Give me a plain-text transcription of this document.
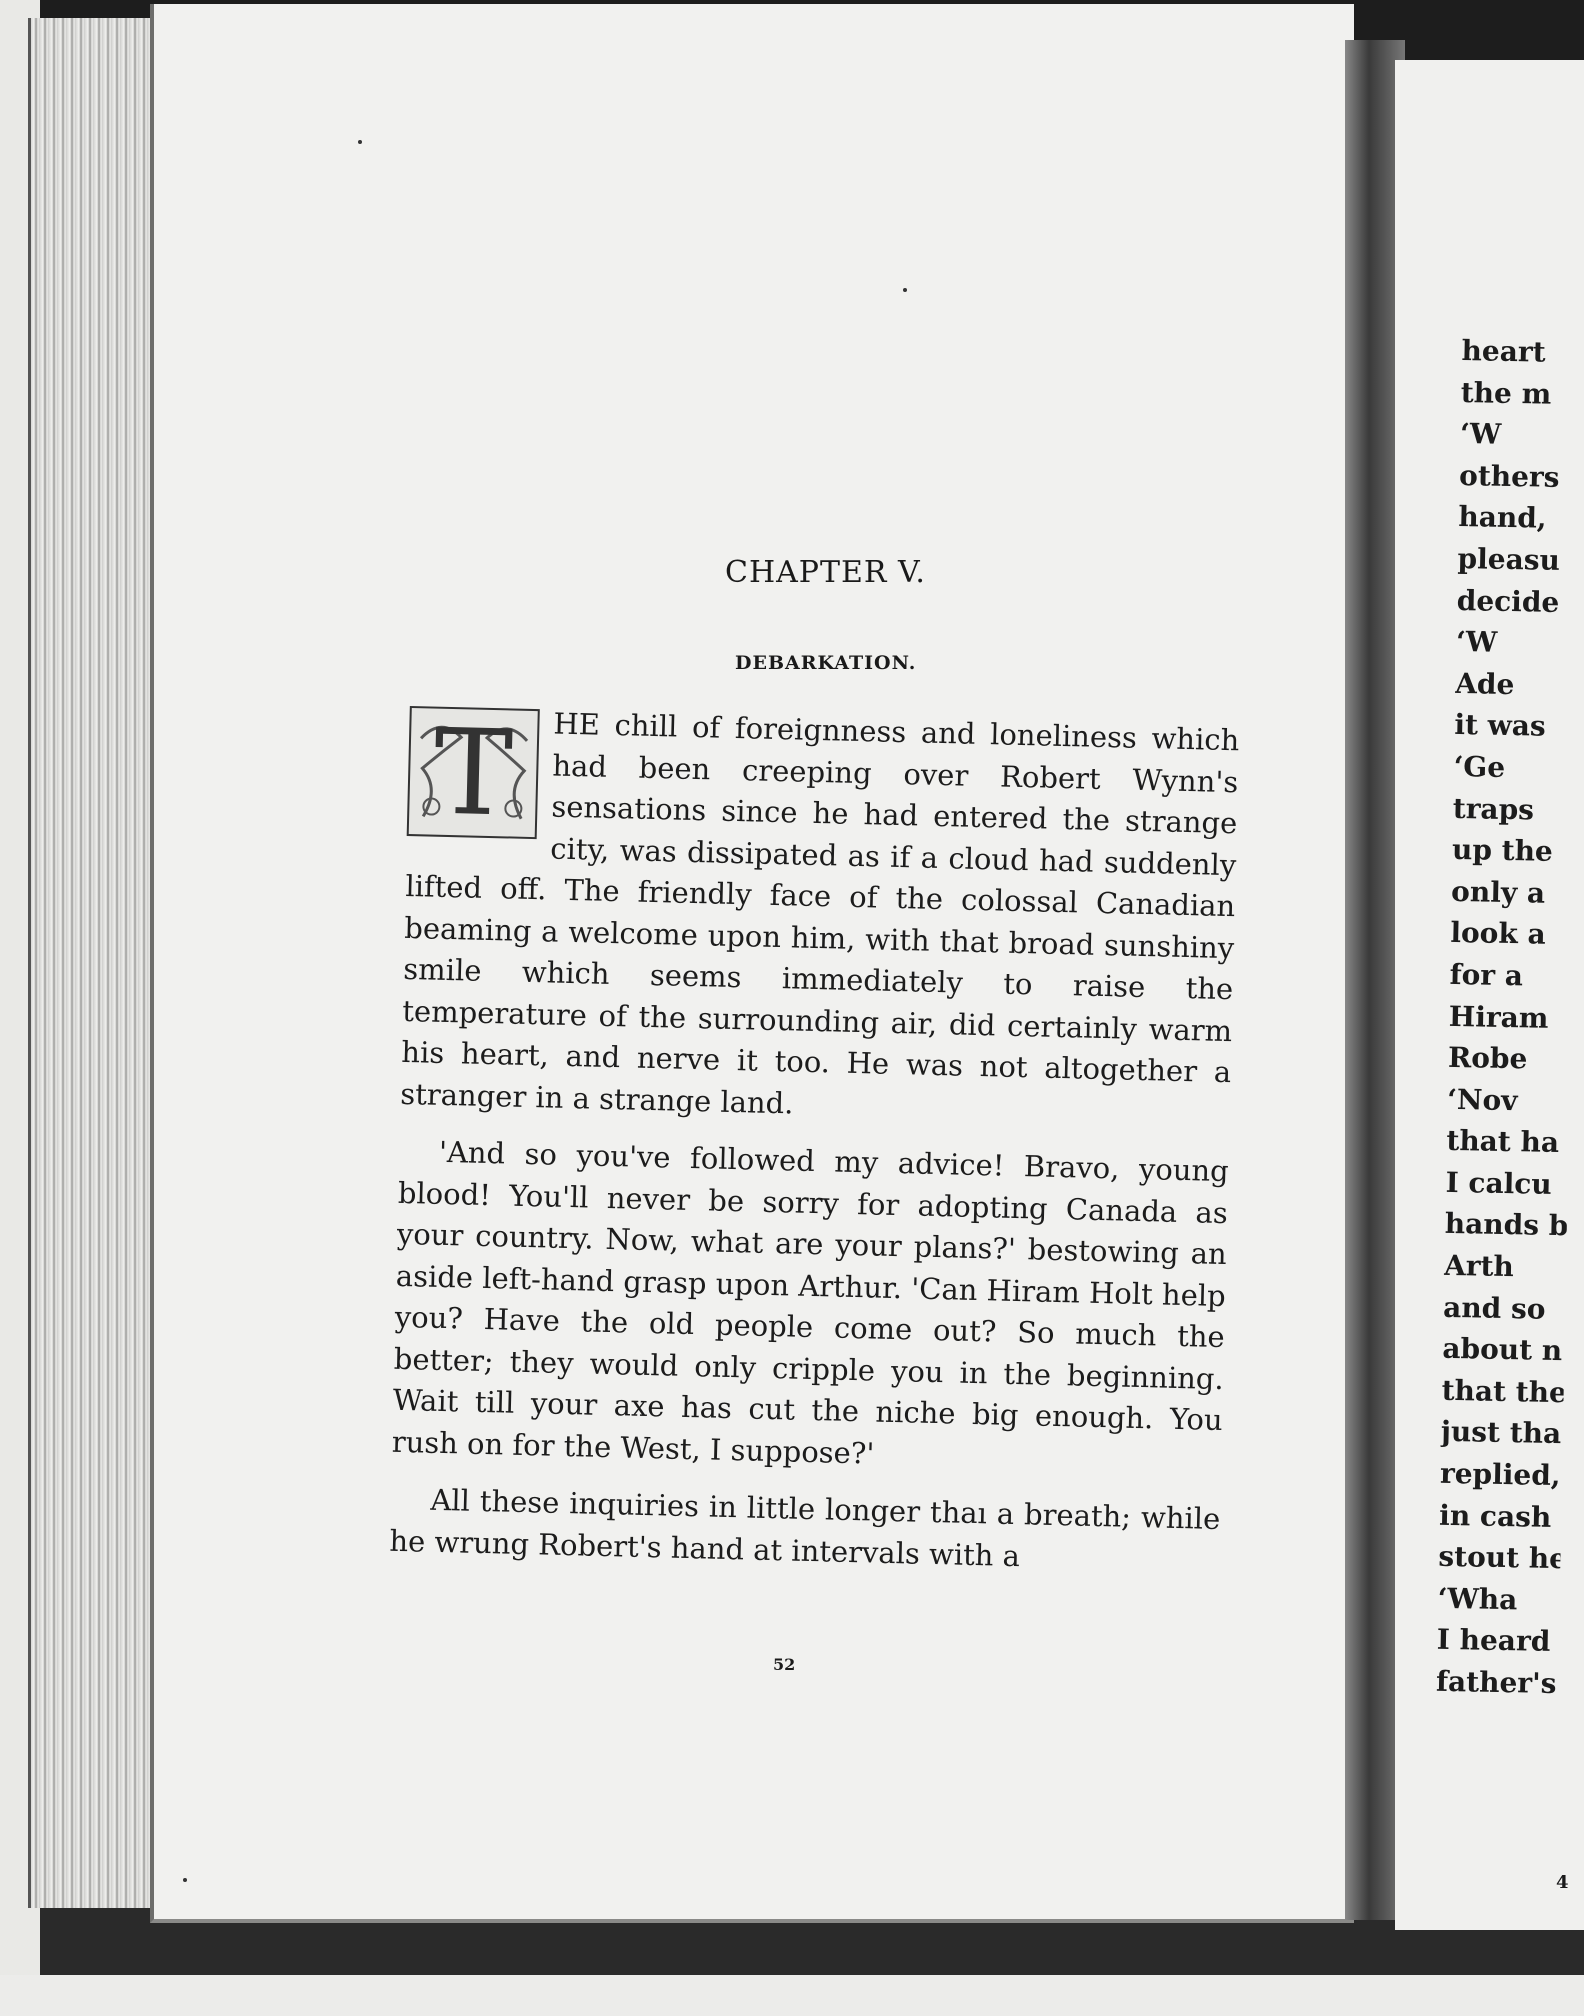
CHAPTER V.
DEBARKATION.
T	HE chill of foreignness and loneliness which had been creeping over Robert Wynn's sensations since he had entered the strange city, was dissipated as if a cloud had suddenly lifted off. The friendly face of the colossal Canadian beaming a welcome upon him, with that broad sunshiny smile which seems immediately to raise the temperature of the surrounding air, did certainly warm his heart, and nerve it too. He was not altogether a stranger in a strange land.

'And so you've followed my advice! Bravo, young blood! You'll never be sorry for adopting Canada as your country. Now, what are your plans?' bestowing an aside left-hand grasp upon Arthur. 'Can Hiram Holt help you? Have the old people come out? So much the better; they would only cripple you in the beginning. Wait till your axe has cut the niche big enough. You rush on for the West, I suppose?'

All these inquiries in little longer thaı a breath; while he wrung Robert's hand at intervals with a

52
heart
the m
‘W
others
hand,
pleasu
decide
‘W
Ade
it was
‘Ge
traps
up the
only a
look a
for a
Hiram
Robe
‘Nov
that ha
I calcu
hands b
Arth
and so
about n
that the
just tha
replied,
in cash
stout he
‘Wha
I heard
father's
4
